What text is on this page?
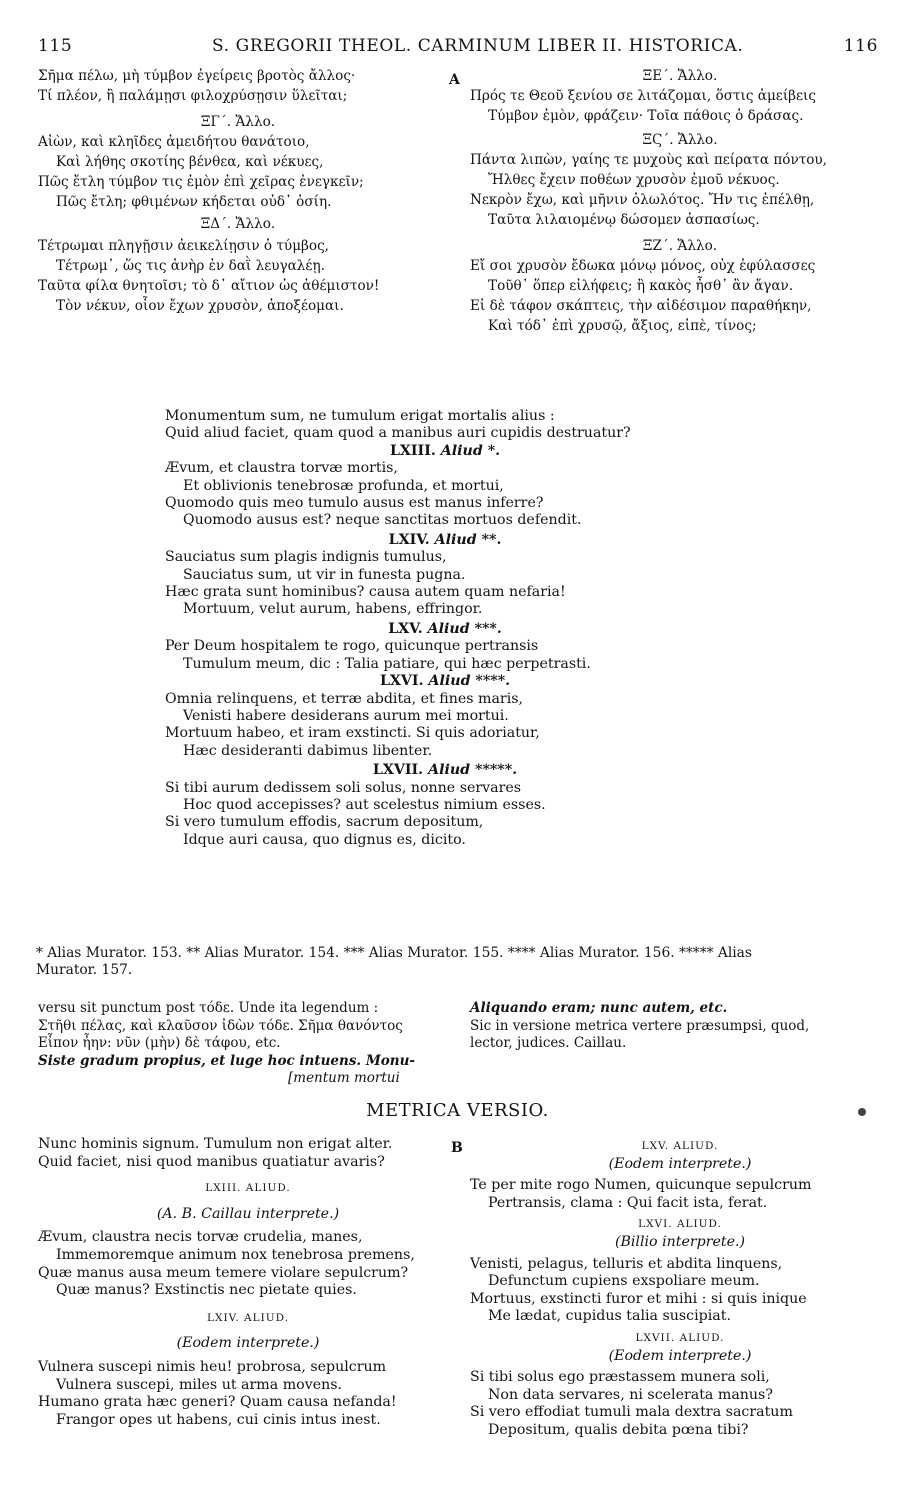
115	S. GREGORII THEOL. CARMINUM LIBER II. HISTORICA.	116
Σῆμα πέλω, μὴ τύμβον ἐγείρεις βροτὸς ἄλλος·
Τί πλέον, ἢ παλάμῃσι φιλοχρύσῃσιν ὕλεῖται;
ΞΓ΄. Ἄλλο.
Αἰὼν, καὶ κληῖδες ἀμειδήτου θανάτοιο,
Καὶ λήθης σκοτίης βένθεα, καὶ νέκυες,
Πῶς ἔτλη τύμβον τις ἐμὸν ἐπὶ χεῖρας ἐνεγκεῖν;
Πῶς ἔτλη; φθιμένων κήδεται οὐδ᾽ ὁσίη.
ΞΔ΄. Ἄλλο.
Τέτρωμαι πληγῇσιν ἀεικελίῃσιν ὁ τύμβος,
Τέτρωμ᾽, ὥς τις ἀνὴρ ἐν δαῒ λευγαλέῃ.
Ταῦτα φίλα θνητοῖσι; τὸ δ᾽ αἴτιον ὡς ἀθέμιστον!
Τὸν νέκυν, οἷον ἔχων χρυσὸν, ἀποξέομαι.
A	ΞΕ΄. Ἄλλο.
Πρός τε Θεοῦ ξενίου σε λιτάζομαι, ὅστις ἀμείβεις
Τύμβον ἐμὸν, φράζειν· Τοῖα πάθοις ὁ δράσας.
ΞϚ΄. Ἄλλο.
Πάντα λιπὼν, γαίης τε μυχοὺς καὶ πείρατα πόντου,
Ἤλθες ἔχειν ποθέων χρυσὸν ἐμοῦ νέκυος.
Νεκρὸν ἔχω, καὶ μῆνιν ὀλωλότος. Ἤν τις ἐπέλθῃ,
Ταῦτα λιλαιομένῳ δώσομεν ἀσπασίως.
ΞΖ΄. Ἄλλο.
Εἴ σοι χρυσὸν ἔδωκα μόνῳ μόνος, οὐχ ἐφύλασσες
Τοῦθ᾽ ὅπερ εἰλήφεις; ἢ κακὸς ἦσθ᾽ ἂν ἄγαν.
Εἰ δὲ τάφον σκάπτεις, τὴν αἰδέσιμον παραθήκην,
Καὶ τόδ᾽ ἐπὶ χρυσῷ, ἄξιος, εἰπὲ, τίνος;
Monumentum sum, ne tumulum erigat mortalis alius :
Quid aliud faciet, quam quod a manibus auri cupidis destruatur?
LXIII. Aliud *.
Ævum, et claustra torvæ mortis,
Et oblivionis tenebrosæ profunda, et mortui,
Quomodo quis meo tumulo ausus est manus inferre?
Quomodo ausus est? neque sanctitas mortuos defendit.
LXIV. Aliud **.
Sauciatus sum plagis indignis tumulus,
Sauciatus sum, ut vir in funesta pugna.
Hæc grata sunt hominibus? causa autem quam nefaria!
Mortuum, velut aurum, habens, effringor.
LXV. Aliud ***.
Per Deum hospitalem te rogo, quicunque pertransis
Tumulum meum, dic : Talia patiare, qui hæc perpetrasti.
LXVI. Aliud ****.
Omnia relinquens, et terræ abdita, et fines maris,
Venisti habere desiderans aurum mei mortui.
Mortuum habeo, et iram exstincti. Si quis adoriatur,
Hæc desideranti dabimus libenter.
LXVII. Aliud *****.
Si tibi aurum dedissem soli solus, nonne servares
Hoc quod accepisses? aut scelestus nimium esses.
Si vero tumulum effodis, sacrum depositum,
Idque auri causa, quo dignus es, dicito.
* Alias Murator. 153. ** Alias Murator. 154. *** Alias Murator. 155. **** Alias Murator. 156. ***** Alias
Murator. 157.
versu sit punctum post τόδε. Unde ita legendum :
Στῆθι πέλας, καὶ κλαῦσον ἰδὼν τόδε. Σῆμα θανόντος
Εἶπον ἦην: νῦν (μὴν) δὲ τάφου, etc.
Siste gradum propius, et luge hoc intuens. Monu-
[mentum mortui
Aliquando eram; nunc autem, etc.
Sic in versione metrica vertere præsumpsi, quod,
lector, judices. Caillau.
METRICA VERSIO.
Nunc hominis signum. Tumulum non erigat alter.
Quid faciet, nisi quod manibus quatiatur avaris?
LXIII. ALIUD.
(A. B. Caillau interprete.)
Ævum, claustra necis torvæ crudelia, manes,
Immemoremque animum nox tenebrosa premens,
Quæ manus ausa meum temere violare sepulcrum?
Quæ manus? Exstinctis nec pietate quies.
LXIV. ALIUD.
(Eodem interprete.)
Vulnera suscepi nimis heu! probrosa, sepulcrum
Vulnera suscepi, miles ut arma movens.
Humano grata hæc generi? Quam causa nefanda!
Frangor opes ut habens, cui cinis intus inest.
B	LXV. ALIUD.
(Eodem interprete.)
Te per mite rogo Numen, quicunque sepulcrum
Pertransis, clama : Qui facit ista, ferat.
LXVI. ALIUD.
(Billio interprete.)
Venisti, pelagus, telluris et abdita linquens,
Defunctum cupiens exspoliare meum.
Mortuus, exstincti furor et mihi : si quis inique
Me lædat, cupidus talia suscipiat.
LXVII. ALIUD.
(Eodem interprete.)
Si tibi solus ego præstassem munera soli,
Non data servares, ni scelerata manus?
Si vero effodiat tumuli mala dextra sacratum
Depositum, qualis debita pœna tibi?
